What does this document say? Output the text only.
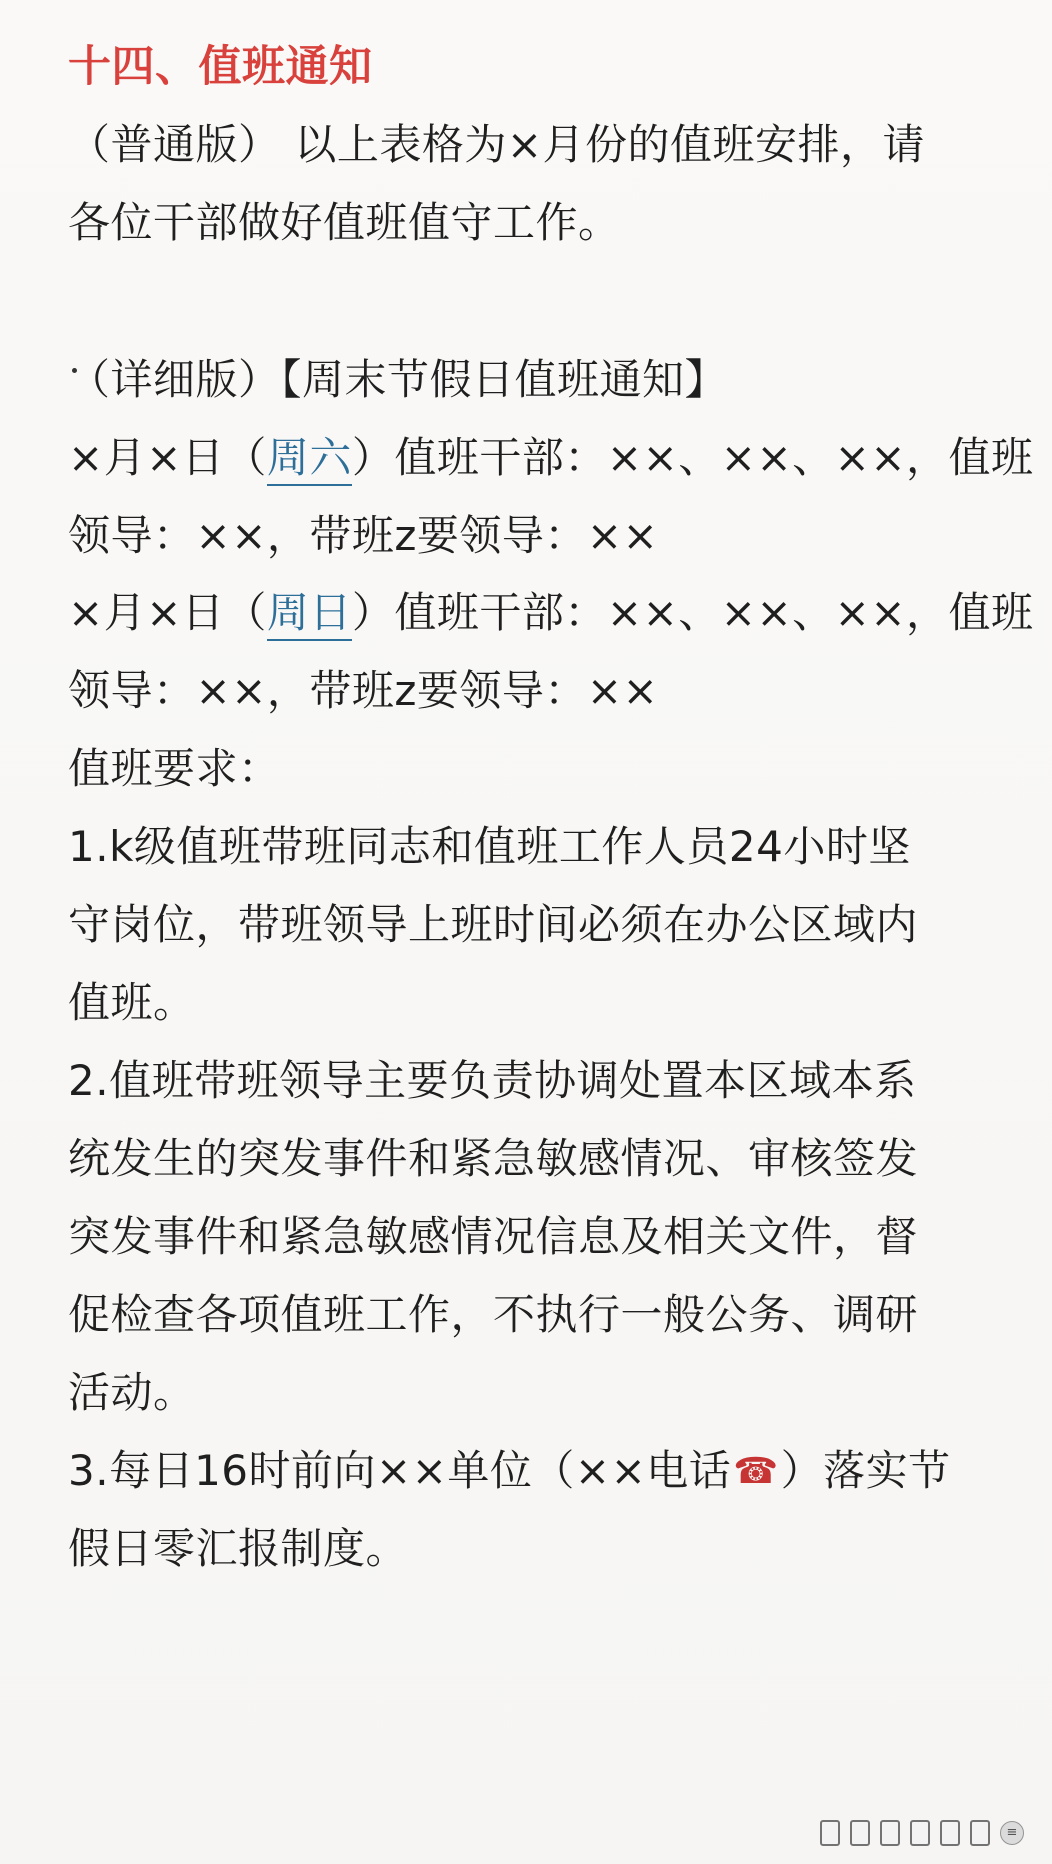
十四、值班通知
（普通版） 以上表格为×月份的值班安排，请
各位干部做好值班值守工作。
（详细版）【周末节假日值班通知】
×月×日（周六）值班干部：××、××、××，值班
领导：××，带班z要领导：××
×月×日（周日）值班干部：××、××、××，值班
领导：××，带班z要领导：××
值班要求：
1.k级值班带班同志和值班工作人员24小时坚
守岗位，带班领导上班时间必须在办公区域内
值班。
2.值班带班领导主要负责协调处置本区域本系
统发生的突发事件和紧急敏感情况、审核签发
突发事件和紧急敏感情况信息及相关文件，督
促检查各项值班工作，不执行一般公务、调研
活动。
3.每日16时前向××单位（××电话☎）落实节
假日零汇报制度。
≡
